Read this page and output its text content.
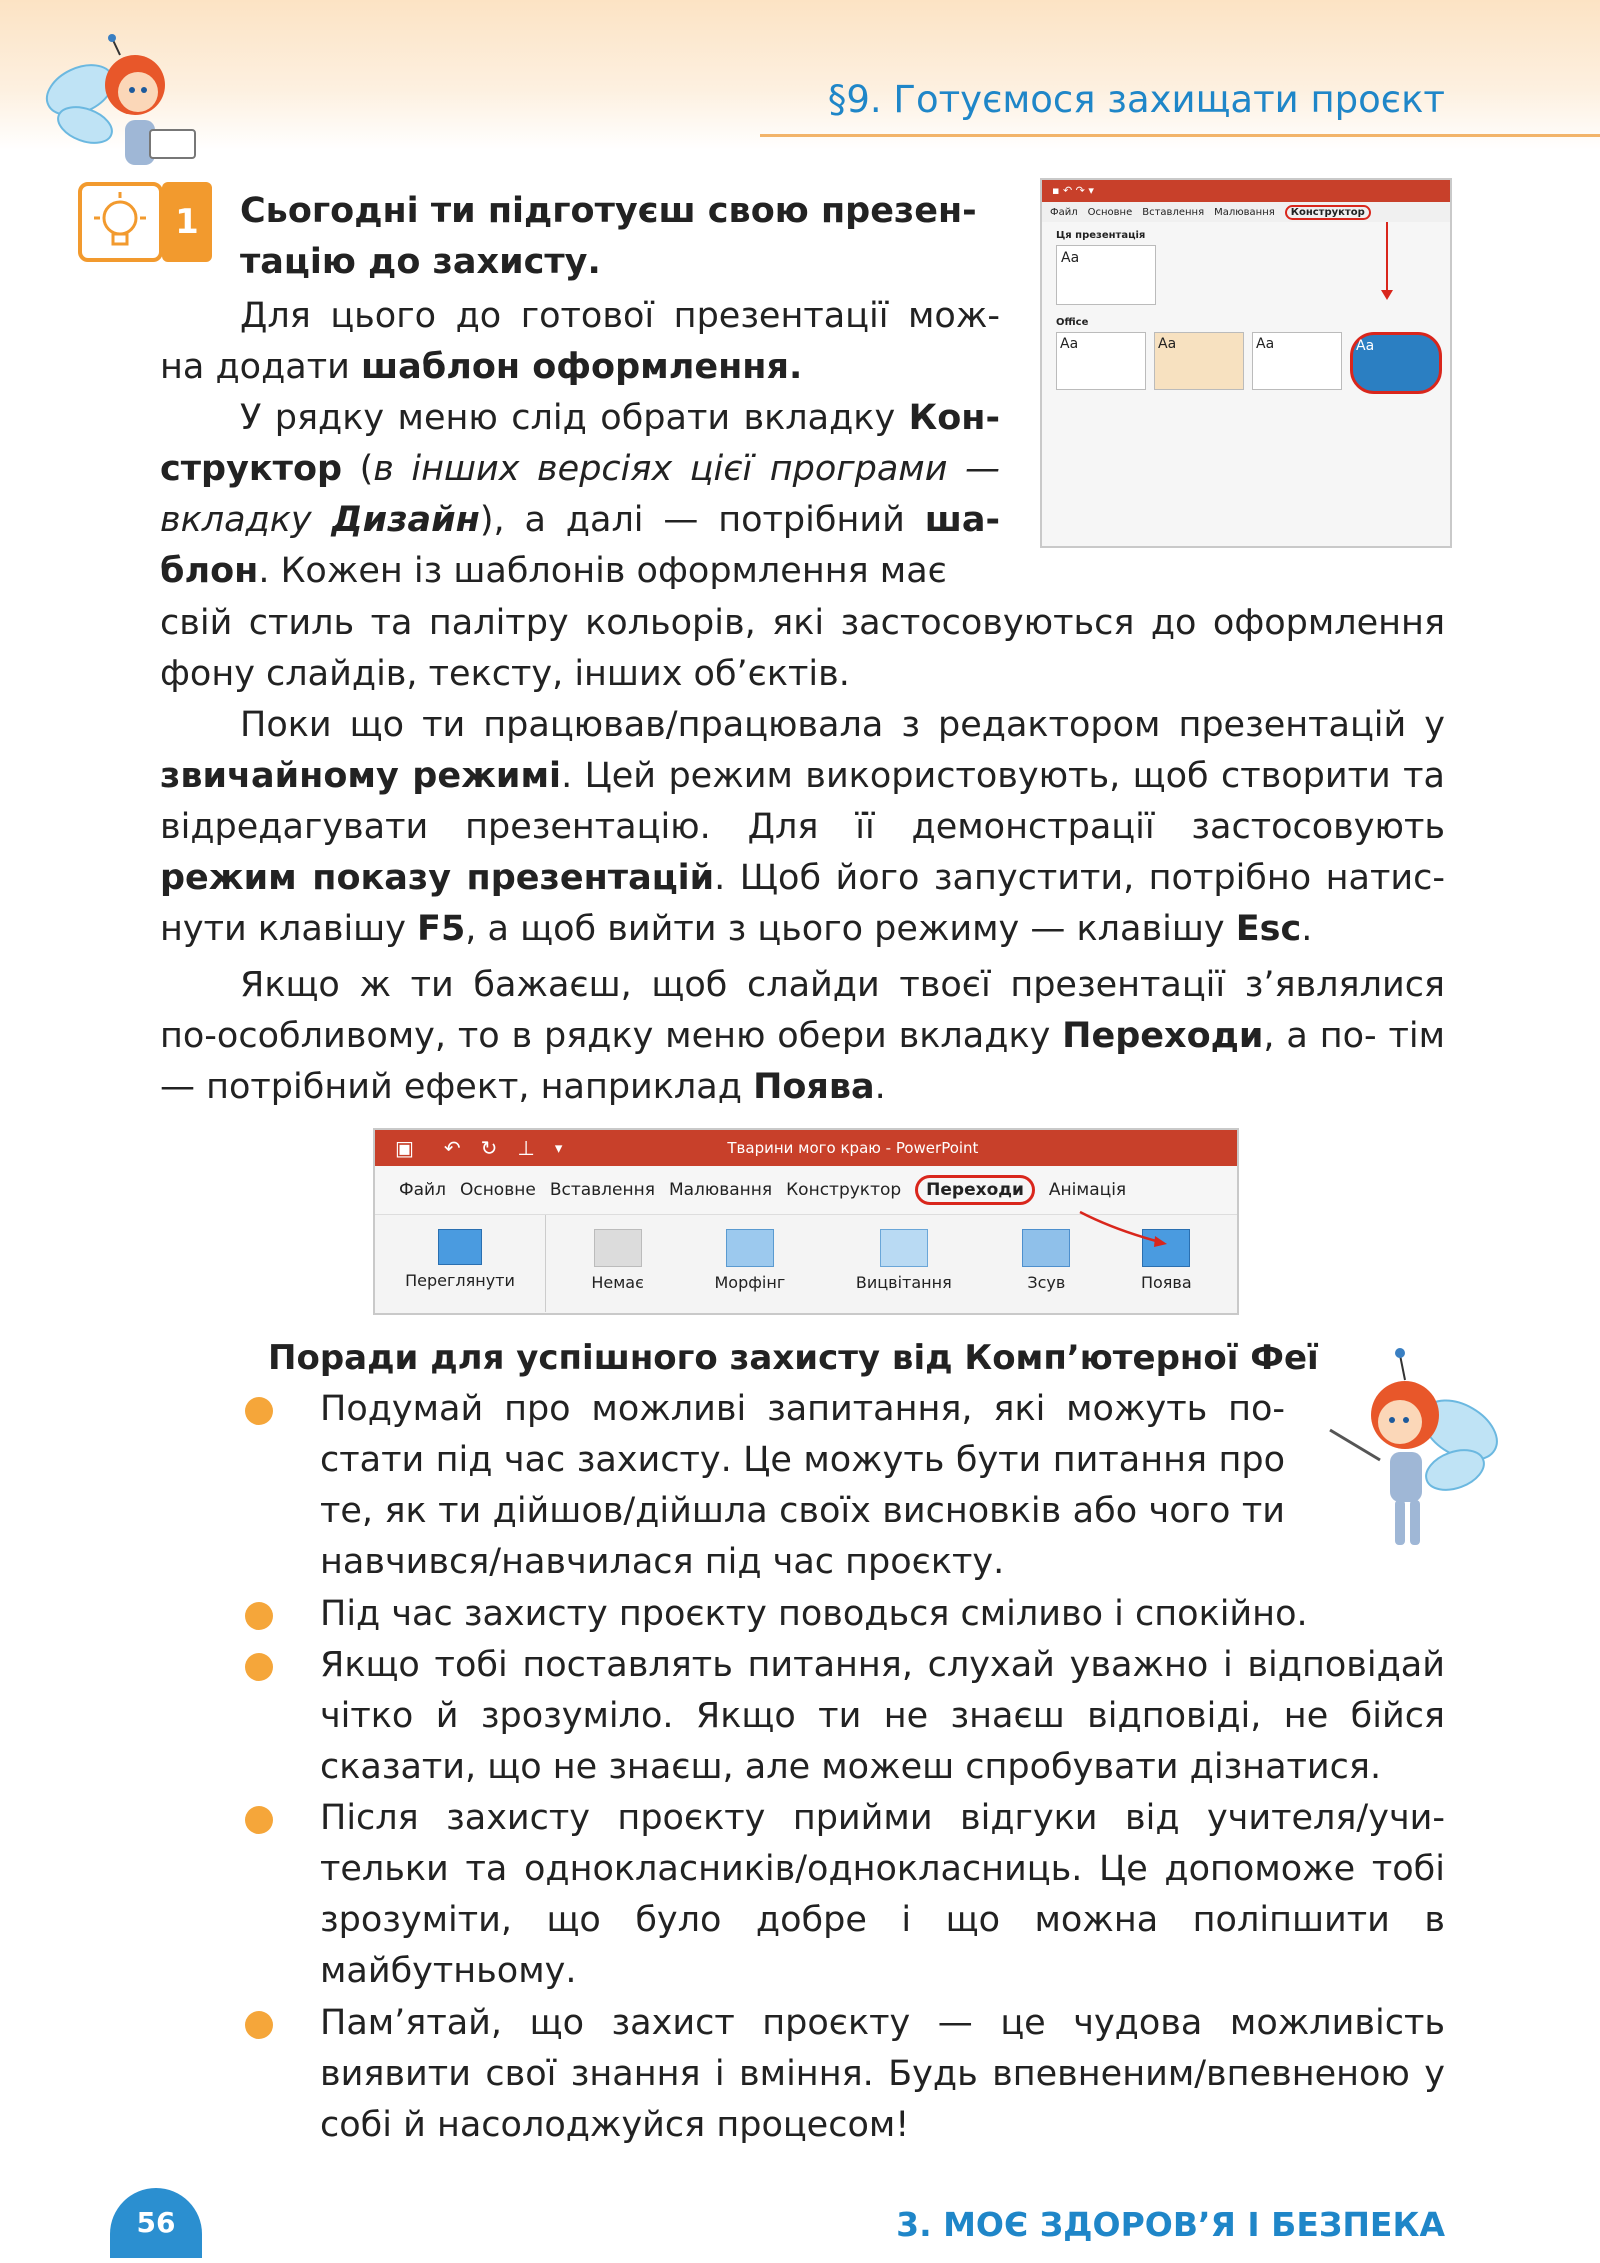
§9. Готуємося захищати проєкт
1	Сьогодні ти підготуєш свою презен-
тацію до захисту.

Для цього до готової презентації мож- на додати шаблон оформлення.

У рядку меню слід обрати вкладку Кон- структор (в інших версіях цієї програми — вкладку Дизайн), а далі — потрібний ша- блон. Кожен із шаблонів оформлення має

свій стиль та палітру кольорів, які застосовуються до оформлення фону слайдів, тексту, інших об’єктів.

▪ ↶ ↷ ▾
Файл Основне Вставлення Малювання	Конструктор
Ця презентація
Aa
Office
Aa	Aa	Aa	Aa

Поки що ти працював/працювала з редактором презентацій у звичайному режимі. Цей режим використовують, щоб створити та відредагувати презентацію. Для її демонстрації застосовують режим показу презентацій. Щоб його запустити, потрібно натис- нути клавішу F5, а щоб вийти з цього режиму — клавішу Esc.

Якщо ж ти бажаєш, щоб слайди твоєї презентації з’являлися по-особливому, то в рядку меню обери вкладку Переходи, а по- тім — потрібний ефект, наприклад Поява.

▣ ↶ ↻ ⊥ ▾	Тварини мого краю - PowerPoint
Файл Основне Вставлення Малювання Конструктор	Переходи	Анімація
Переглянути	Немає	Морфінг	Вицвітання	Зсув	Поява
Поради для успішного захисту від Комп’ютерної Феї

Подумай про можливі запитання, які можуть по- стати під час захисту. Це можуть бути питання про те, як ти дійшов/дійшла своїх висновків або чого ти навчився/навчилася під час проєкту.

Під час захисту проєкту поводься сміливо і спокійно.

Якщо тобі поставлять питання, слухай уважно і відповідай чітко й зрозуміло. Якщо ти не знаєш відповіді, не бійся сказати, що не знаєш, але можеш спробувати дізнатися.

Після захисту проєкту прийми відгуки від учителя/учи- тельки та однокласників/однокласниць. Це допоможе тобі зрозуміти, що було добре і що можна поліпшити в майбутньому.

Пам’ятай, що захист проєкту — це чудова можливість виявити свої знання і вміння. Будь впевненим/впевненою у собі й насолоджуйся процесом!

56	3. МОЄ ЗДОРОВ’Я І БЕЗПЕКА
